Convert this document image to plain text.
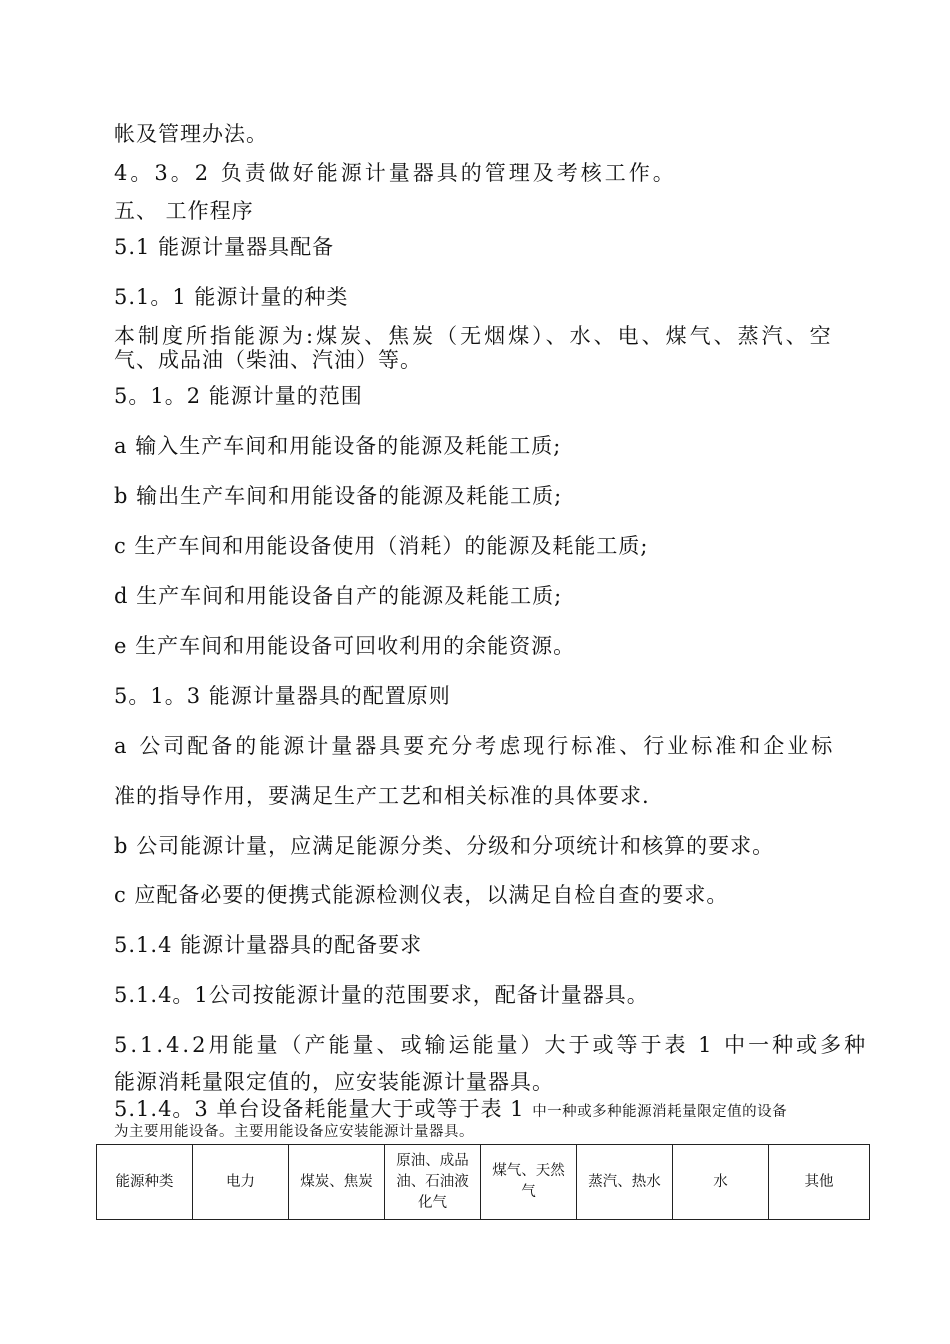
帐及管理办法。
4。3。2 负责做好能源计量器具的管理及考核工作。
五、 工作程序
5.1 能源计量器具配备
5.1。1 能源计量的种类
本制度所指能源为:煤炭、焦炭（无烟煤）、水、电、煤气、蒸汽、空
气、成品油（柴油、汽油）等。
5。1。2 能源计量的范围
a 输入生产车间和用能设备的能源及耗能工质;
b 输出生产车间和用能设备的能源及耗能工质;
c 生产车间和用能设备使用（消耗）的能源及耗能工质;
d 生产车间和用能设备自产的能源及耗能工质;
e 生产车间和用能设备可回收利用的余能资源。
5。1。3 能源计量器具的配置原则
a 公司配备的能源计量器具要充分考虑现行标准、行业标准和企业标
准的指导作用，要满足生产工艺和相关标准的具体要求.
b 公司能源计量，应满足能源分类、分级和分项统计和核算的要求。
c 应配备必要的便携式能源检测仪表，以满足自检自查的要求。
5.1.4 能源计量器具的配备要求
5.1.4。1公司按能源计量的范围要求，配备计量器具。
5.1.4.2用能量（产能量、或输运能量）大于或等于表 1 中一种或多种
能源消耗量限定值的，应安装能源计量器具。
5.1.4。3 单台设备耗能量大于或等于表 1 中一种或多种能源消耗量限定值的设备
为主要用能设备。主要用能设备应安装能源计量器具。
能源种类	电力	煤炭、焦炭	原油、成品油、石油液化气	煤气、天然气	蒸汽、热水	水	其他
